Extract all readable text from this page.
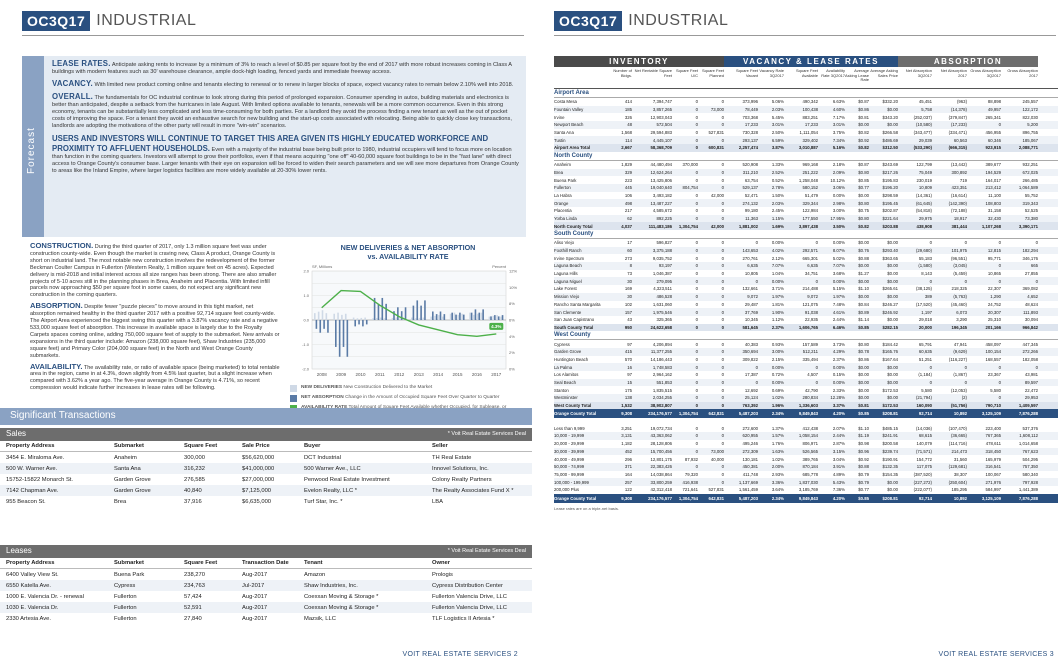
OC3Q17 INDUSTRIAL
Forecast

LEASE RATES. Anticipate asking rents to increase by a minimum of 3% to reach a level of $0.85 per square foot by the end of 2017 with more robust increases coming in Class A buildings with modern features such as 30' warehouse clearance, ample dock-high loading, fenced yards and immediate freeway access.

VACANCY. With limited new product coming online and tenants electing to renewal or to renew in larger blocks of space, expect vacancy rates to remain below 2.10% well into 2018.

OVERALL. The fundamentals for OC industrial continue to look strong during this period of prolonged expansion. Consumer spending in autos, building materials and electronics is better than anticipated, despite a setback from the hurricanes in late August. With limited options available to tenants, renewals will be a more common occurrence. Even in this strong economy, tenants can be substantially less complicated and less time-consuming for both parties. For a landlord they avoid the process finding a new tenant as well as the out of pocket costs of improving the space. For a tenant they avoid an exhaustive search for new building and the start-up costs associated with relocating. Being able to quickly close key transactions, landlords are adopting the motivations of the other party will result in more "win-win" scenarios.

USERS AND INVESTORS WILL CONTINUE TO TARGET THIS AREA GIVEN ITS HIGHLY EDUCATED WORKFORCE AND PROXIMITY TO AFFLUENT HOUSEHOLDS. Even with a majority of the industrial base being built prior to 1980, industrial occupiers will tend to focus more on location than function in the coming quarters. Investors will attempt to grow their portfolios, even if that means acquiring "one off" 40-60,000 square foot buildings to be in the "fast lane" with direct access to Orange County's consumer base. Larger tenants with their eye on expansion will be forced to widen their search parameters and we will see more departures from Orange County to areas like the Inland Empire, where larger logistics facilities are more widely available at 20-30% lower rents.

CONSTRUCTION. During the third quarter of 2017, only 1.3 million square feet was under construction county-wide. Even though the market is craving new, Class A product, Orange County is short on industrial land. The most notable new construction involves the redevelopment of the former Beckman Coulter Campus in Fullerton (Western Realty, 1 million square feet on 45 acres). Expected delivery is mid-2018 and initial interest across all size ranges has been strong. There are also smaller projects of 5-10 acres still in the planning phases in Brea, Anaheim and Placentia. With limited infill parcels now approaching $50 per square foot in some cases, do not expect any significant new construction in the coming quarters.

ABSORPTION. Despite fewer "puzzle pieces" to move around in this tight market, net absorption remained healthy in the third quarter 2017 with a positive 92,714 square feet county-wide. The Airport Area experienced the biggest swing this quarter with a 3.87% vacancy rate and a negative 533,000 square feet of absorption. This increase in available space is largely due to the Royalty Carpets spaces coming online, adding 750,000 square feet of supply to the submarket. New arrivals or expansions in the third quarter include: Amazon (238,000 square feet), Shaw Industries (235,000 square feet) and Primary Color (204,000 square feet) in the North and West Orange County submarkets.

AVAILABILITY. The availability rate, or ratio of available space (being marketed) to total rentable area in the region, came in at 4.3%, down slightly from 4.5% last quarter, but a slight increase when compared with 3.62% a year ago. The five-year average in Orange County is 4.71%, so recent compression would indicate further increases in lease rates will be following.

NEW DELIVERIES & NET ABSORPTION
vs. AVAILABILITY RATE
2008 2009 2010 2011 2012 2013 2014 2015 2016 2017
0%
2%
4%
6%
8%
10%
12%
-2.0
-1.0
0.0
1.0
2.0
SF, Millions	Percent
4.3%
NEW DELIVERIES New Construction Delivered to the Market
NET ABSORPTION Change in the Amount of Occupied Square Feet Over Quarter to Quarter
Significant Transactions
Sales	* Voit Real Estate Services Deal
Property Address	Submarket	Square Feet	Sale Price	Buyer	Seller
3454 E. Miraloma Ave.	Anaheim	300,000	$56,620,000	DCT Industrial	TH Real Estate
500 W. Warner Ave.	Santa Ana	316,232	$41,000,000	500 Warner Ave., LLC	Innovel Solutions, Inc.
15752-15822 Monarch St.	Garden Grove	276,585	$27,000,000	Penwood Real Estate Investment	Colony Realty Partners
7142 Chapman Ave.	Garden Grove	40,840	$7,125,000	Evelon Realty, LLC *	The Realty Associates Fund X *
955 Beacon St.	Brea	37,916	$6,635,000	Turf Star, Inc. *	LBA
Leases	* Voit Real Estate Services Deal
Property Address	Submarket	Square Feet	Transaction Date	Tenant	Owner
6400 Valley View St.	Buena Park	238,270	Aug-2017	Amazon	Prologis
6550 Katella Ave.	Cypress	234,763	Jul-2017	Shaw Industries, Inc.	Cypress Distribution Center
1000 E. Valencia Dr. - renewal	Fullerton	57,424	Aug-2017	Coexxan Moving & Storage *	Fullerton Valencia Drive, LLC
1030 E. Valencia Dr.	Fullerton	52,591	Aug-2017	Coexxan Moving & Storage *	Fullerton Valencia Drive, LLC
2330 Artesia Ave.	Fullerton	27,840	Aug-2017	Mazsik, LLC	TLF Logistics II Artesia *
VOIT REAL ESTATE SERVICES 2
OC3Q17 INDUSTRIAL
INVENTORY	VACANCY & LEASE RATES	ABSORPTION
Number of Bldgs.
Net Rentable Square Feet
Square Feet U/C
Square Feet Planned
Square Feet Vacant
Vacancy Rate 3Q2017
Square Feet Available
Availability Rate 3Q2017
Average Asking Lease Rate
Average Asking Sales Price
Net Absorption 3Q2017
Net Absorption 2017
Gross Absorption 3Q2017
Gross Absorption 2017
Airport Area
Costa Mesa	414	7,394,747	0	0	373,996	5.06%	490,342	6.63%	$0.87	$332.20	45,451	(963)	88,898	245,557
Fountain Valley	185	3,857,265	0	73,000	78,449	2.03%	100,438	4.60%	$0.86	$0.00	5,758	(14,378)	49,957	122,172
Irvine	326	12,903,043	0	0	703,368	5.45%	883,251	7.17%	$0.81	$343.20	(252,037)	(379,847)	265,341	822,030
Newport Beach	48	572,504	0	0	17,233	3.01%	17,233	3.01%	$0.00	$0.00	(10,580)	(17,233)	0	5,200
Santa Ana	1,568	29,594,883	0	527,831	730,328	2.50%	1,111,054	3.75%	$0.82	$266.58	(343,477)	(334,471)	456,955	896,755
Tustin	114	4,445,107	0	0	293,137	6.59%	329,402	7.34%	$0.92	$486.69	29,039	60,563	60,346	185,067
Airport Area Total	2,667	58,368,709	0	600,831	2,257,474	3.87%	3,010,887	5.16%	$0.82	$312.50	(533,290)	(666,315)	923,915	2,088,771
North County
Anaheim	1,829	44,480,494	370,000	0	520,908	1.33%	969,168	2.18%	$0.87	$243.69	122,799	(13,442)	389,677	932,251
Brea	329	12,624,264	0	0	311,210	2.52%	251,222	2.09%	$0.80	$217.26	75,049	300,892	194,529	672,025
Buena Park	223	13,425,806	0	0	63,754	0.52%	1,258,048	10.12%	$0.85	$195.83	230,019	719	164,017	266,485
Fullerton	445	19,040,640	804,754	0	529,137	2.78%	580,152	3.06%	$0.77	$196.20	10,809	423,351	213,412	1,064,589
La Habra	106	3,493,182	0	42,000	52,471	1.50%	51,479	0.00%	$0.00	$298.59	(14,361)	(16,614)	11,100	55,752
Orange	498	13,487,227	0	0	274,132	2.03%	329,344	2.98%	$0.80	$195.45	(61,645)	(142,390)	108,803	319,343
Placentia	217	4,585,672	0	0	99,180	2.45%	122,984	3.00%	$0.75	$202.87	(54,818)	(72,188)	31,158	52,525
Yorba Linda	62	892,225	0	0	11,363	1.15%	177,550	17.95%	$0.80	$221.64	29,975	18,917	32,430	73,380
North County Total	4,037	111,483,186	1,304,754	42,000	1,881,002	1.69%	3,897,438	3.50%	$0.82	$203.88	438,908	381,444	1,107,268	3,390,171
South County
Aliso Viejo	17	596,827	0	0	0	0.00%	0	0.00%	$0.00	$0.00	0	0	0	0
Foothill Ranch	60	3,375,188	0	0	143,653	4.02%	292,571	8.07%	$0.76	$293.40	(29,680)	101,975	12,815	182,294
Irvine Spectrum	273	9,035,752	0	0	270,761	2.12%	665,301	5.02%	$0.88	$363.65	55,183	(96,551)	95,771	346,176
Laguna Beach	8	93,197	0	0	6,635	7.07%	6,635	7.07%	$0.00	$0.00	(1,580)	(3,045)	0	665
Laguna Hills	73	1,046,387	0	0	10,805	1.04%	34,751	3.68%	$1.27	$0.00	8,143	(5,459)	10,865	27,855
Laguna Niguel	30	279,095	0	0	0	0.00%	0	0.00%	$0.00	$0.00	0	0	0	0
Lake Forest	169	4,323,511	0	0	132,661	3.71%	214,488	5.15%	$1.10	$265.61	(38,125)	218,325	22,307	369,082
Mission Viejo	30	486,528	0	0	9,072	1.97%	9,072	1.97%	$0.00	$0.00	389	(5,763)	1,290	4,652
Rancho Santa Margarita	102	1,631,060	0	0	29,487	1.81%	121,075	7.48%	$0.84	$246.27	(17,520)	(45,460)	24,752	48,624
San Clemente	157	1,975,546	0	0	37,769	1.90%	91,038	4.61%	$0.89	$246.92	1,197	6,073	20,307	111,893
San Juan Capistrano	43	325,365	0	0	10,345	1.12%	22,935	2.44%	$1.14	$0.00	29,018	3,290	25,310	30,094
South County Total	950	24,622,658	0	0	581,645	2.37%	1,606,765	6.46%	$0.85	$282.15	20,000	196,345	201,166	966,842
West County
Cypress	97	4,206,894	0	0	40,383	0.93%	157,589	3.73%	$0.80	$184.42	65,791	47,941	458,097	447,345
Garden Grove	415	11,377,255	0	0	350,694	3.00%	512,211	4.29%	$0.78	$165.76	60,635	(9,629)	100,154	272,266
Huntington Beach	570	14,186,443	0	0	309,822	2.15%	335,494	2.37%	$0.86	$167.64	51,251	(116,227)	168,557	182,058
La Palma	16	1,748,583	0	0	0	0.00%	0	0.00%	$0.00	$0.00	0	0	0	0
Los Alamitos	97	2,964,162	0	0	17,387	0.72%	4,507	0.15%	$0.00	$0.00	(1,184)	(1,867)	23,367	43,981
Seal Beach	15	551,853	0	0	0	0.00%	0	0.00%	$0.00	$0.00	0	0	0	89,597
Stanton	175	1,835,515	0	0	12,692	0.69%	42,790	2.33%	$0.00	$172.53	5,580	(12,053)	5,580	22,472
Westminster	138	2,034,255	0	0	25,124	1.02%	280,834	12.28%	$0.00	$0.00	(21,794)	(2)	0	29,953
West County Total	1,532	38,902,807	0	0	763,392	1.96%	1,336,603	3.37%	$0.81	$172.53	160,090	(51,756)	790,710	1,409,597
Orange County Total	9,308	234,176,577	1,304,754	642,831	5,487,203	2.34%	9,849,843	4.20%	$0.85	$208.81	92,714	10,892	3,125,109	7,876,288
Less than 9,999	3,251	19,072,734	0	0	272,600	1.37%	412,438	2.07%	$1.10	$485.15	(14,036)	(107,470)	223,400	537,376
10,000 - 19,999	3,131	43,363,062	0	0	620,955	1.57%	1,058,154	2.44%	$1.19	$241.91	68,615	(36,665)	767,365	1,608,112
20,000 - 29,999	1,182	28,128,806	0	0	495,246	1.76%	806,971	2.87%	$0.98	$200.58	140,079	(114,716)	478,611	1,014,658
30,000 - 39,999	452	15,700,456	0	73,000	272,309	1.63%	526,565	3.15%	$0.96	$239.74	(71,571)	214,473	318,450	767,623
40,000 - 49,999	296	12,801,175	87,932	40,000	130,181	1.02%	389,765	3.04%	$0.92	$190.91	154,772	31,560	165,979	504,295
50,000 - 74,999	371	22,383,426	0	0	450,381	2.00%	870,184	3.91%	$0.88	$132.35	117,075	(129,681)	316,541	757,350
75,000 - 99,999	164	14,038,864	79,320	0	411,748	2.93%	685,778	4.89%	$0.79	$154.35	(387,520)	38,307	100,067	580,340
100,000 - 199,999	257	33,800,259	416,938	0	1,137,669	3.36%	1,837,030	5.43%	$0.79	$0.00	(227,272)	(250,604)	271,976	797,928
200,000 Plus	122	42,312,418	721,641	527,831	1,561,459	3.64%	3,185,769	7.36%	$0.77	$0.00	(222,077)	185,295	584,997	1,441,389
Orange County Total	9,308	234,176,577	1,304,754	642,831	5,487,203	2.34%	9,849,843	4.20%	$0.85	$208.81	92,714	10,892	3,125,109	7,876,288
Lease rates are on a triple-net basis.
VOIT REAL ESTATE SERVICES 3
